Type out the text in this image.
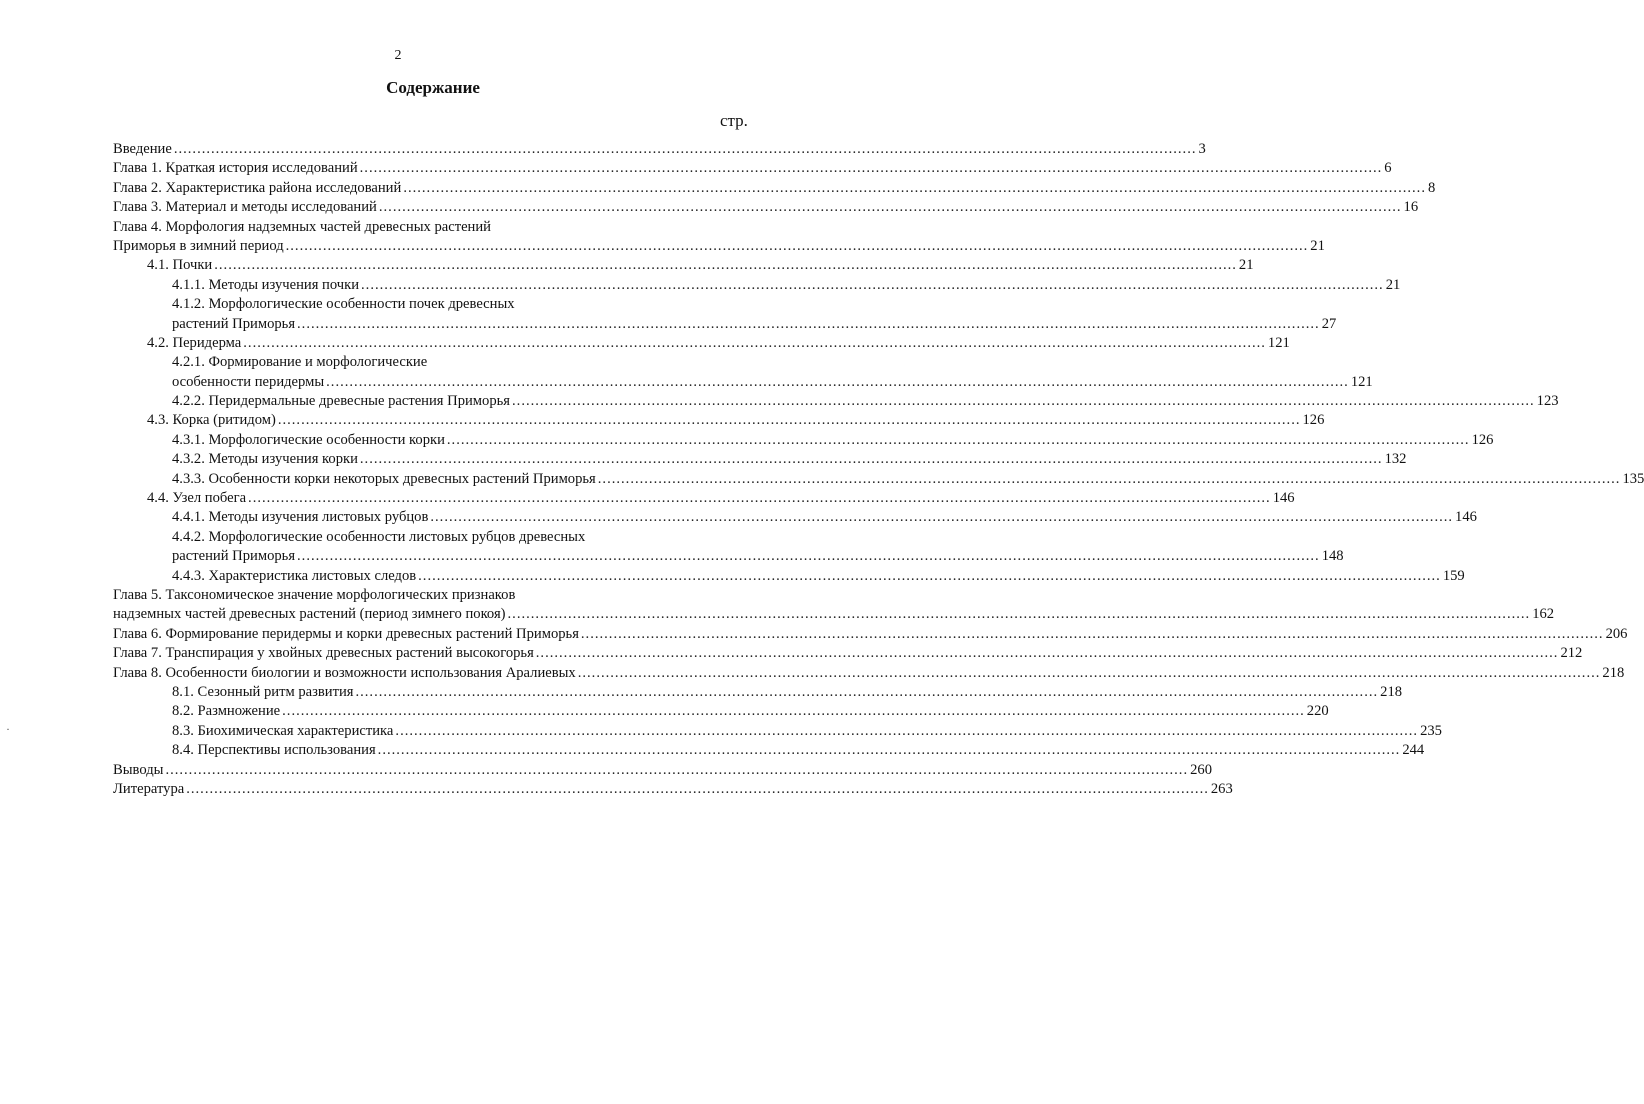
2
Содержание
стр.
Введение ............................................................................................................................................................................................................................ 3
Глава 1. Краткая история исследований ............................................................................................................................................................................................................................ 6
Глава 2. Характеристика района исследований ............................................................................................................................................................................................................................ 8
Глава 3. Материал и методы исследований ............................................................................................................................................................................................................................ 16
Глава 4. Морфология надземных частей древесных растений
Приморья в зимний период ............................................................................................................................................................................................................................ 21
4.1. Почки ............................................................................................................................................................................................................................ 21
4.1.1. Методы изучения почки ............................................................................................................................................................................................................................ 21
4.1.2. Морфологические особенности почек древесных
растений Приморья ............................................................................................................................................................................................................................ 27
4.2. Перидерма ............................................................................................................................................................................................................................ 121
4.2.1. Формирование и морфологические
особенности перидермы ............................................................................................................................................................................................................................ 121
4.2.2. Перидермальные древесные растения Приморья ............................................................................................................................................................................................................................ 123
4.3. Корка (ритидом) ............................................................................................................................................................................................................................ 126
4.3.1. Морфологические особенности корки ............................................................................................................................................................................................................................ 126
4.3.2. Методы изучения корки ............................................................................................................................................................................................................................ 132
4.3.3. Особенности корки некоторых древесных растений Приморья ............................................................................................................................................................................................................................ 135
4.4. Узел побега ............................................................................................................................................................................................................................ 146
4.4.1. Методы изучения листовых рубцов ............................................................................................................................................................................................................................ 146
4.4.2. Морфологические особенности листовых рубцов древесных
растений Приморья ............................................................................................................................................................................................................................ 148
4.4.3. Характеристика листовых следов ............................................................................................................................................................................................................................ 159
Глава 5. Таксономическое значение морфологических признаков
надземных частей древесных растений (период зимнего покоя) ............................................................................................................................................................................................................................ 162
Глава 6. Формирование перидермы и корки древесных растений Приморья ............................................................................................................................................................................................................................ 206
Глава 7. Транспирация у хвойных древесных растений высокогорья ............................................................................................................................................................................................................................ 212
Глава 8. Особенности биологии и возможности использования Аралиевых ............................................................................................................................................................................................................................ 218
8.1. Сезонный ритм развития ............................................................................................................................................................................................................................ 218
8.2. Размножение ............................................................................................................................................................................................................................ 220
8.3. Биохимическая характеристика ............................................................................................................................................................................................................................ 235
8.4. Перспективы использования ............................................................................................................................................................................................................................ 244
Выводы ............................................................................................................................................................................................................................ 260
Литература ............................................................................................................................................................................................................................ 263
·
